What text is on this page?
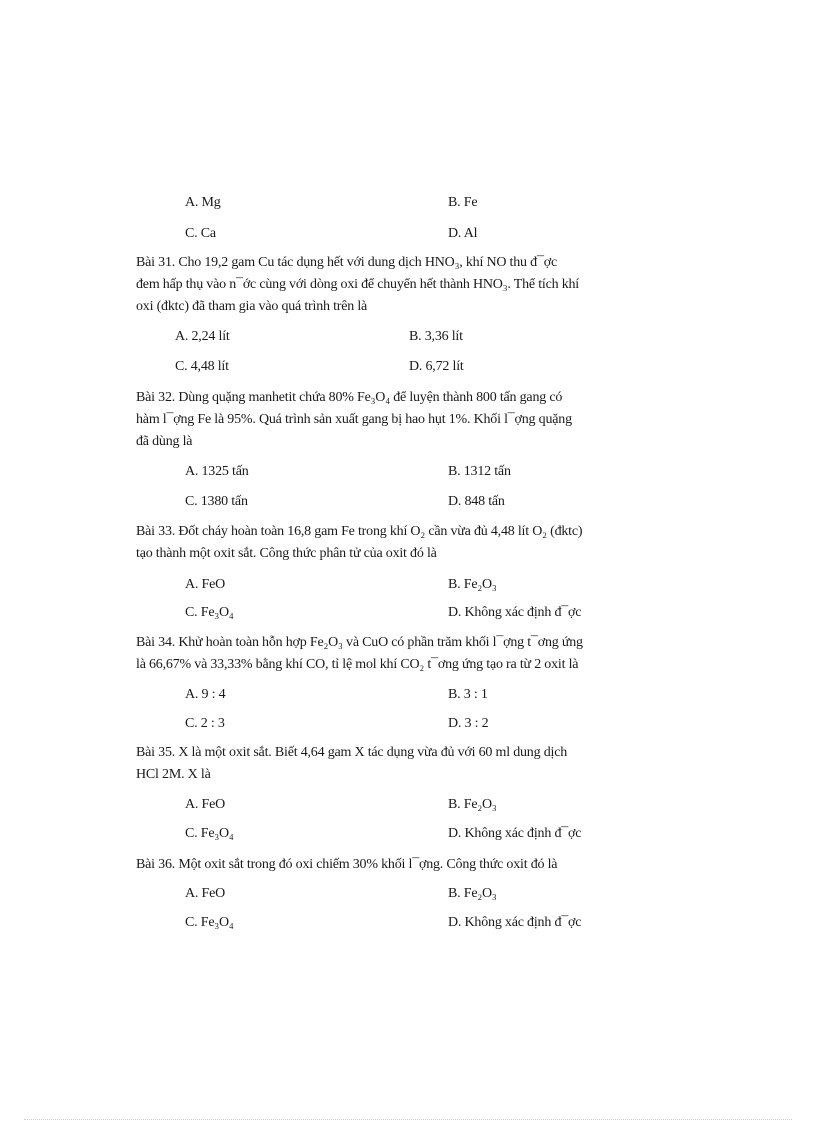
A. Mg	B. Fe
C. Ca	D. Al
Bài 31. Cho 19,2 gam Cu tác dụng hết với dung dịch HNO₃, khí NO thu đ¯ợc
đem hấp thụ vào n¯ớc cùng với dòng oxi để chuyển hết thành HNO₃. Thể tích khí
oxi (đktc) đã tham gia vào quá trình trên là
A. 2,24 lít	B. 3,36 lít
C. 4,48 lít	D. 6,72 lít
Bài 32. Dùng quặng manhetit chứa 80% Fe₃O₄ để luyện thành 800 tấn gang có
hàm l¯ợng Fe là 95%. Quá trình sản xuất gang bị hao hụt 1%. Khối l¯ợng quặng
đã dùng là
A. 1325 tấn	B. 1312 tấn
C. 1380 tấn	D. 848 tấn
Bài 33. Đốt cháy hoàn toàn 16,8 gam Fe trong khí O₂ cần vừa đủ 4,48 lít O₂ (đktc)
tạo thành một oxit sắt. Công thức phân tử của oxit đó là
A. FeO	B. Fe₂O₃
C. Fe₃O₄	D. Không xác định đ¯ợc
Bài 34. Khử hoàn toàn hỗn hợp Fe₂O₃ và CuO có phần trăm khối l¯ợng t¯ơng ứng
là 66,67% và 33,33% bằng khí CO, tỉ lệ mol khí CO₂ t¯ơng ứng tạo ra từ 2 oxit là
A. 9 : 4	B. 3 : 1
C. 2 : 3	D. 3 : 2
Bài 35. X là một oxit sắt. Biết 4,64 gam X tác dụng vừa đủ với 60 ml dung dịch
HCl 2M. X là
A. FeO	B. Fe₂O₃
C. Fe₃O₄	D. Không xác định đ¯ợc
Bài 36. Một oxit sắt trong đó oxi chiếm 30% khối l¯ợng. Công thức oxit đó là
A. FeO	B. Fe₂O₃
C. Fe₃O₄	D. Không xác định đ¯ợc
